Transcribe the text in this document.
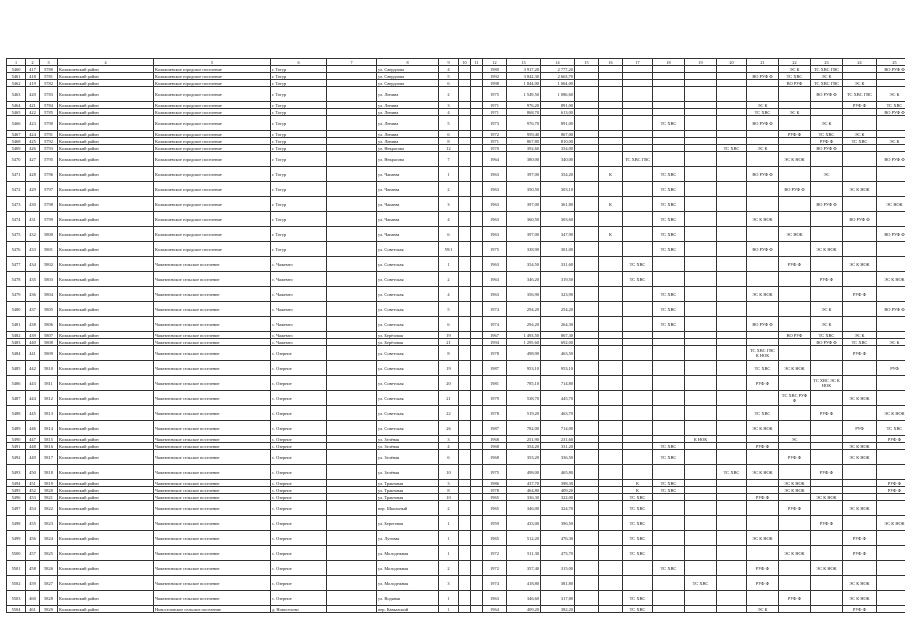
1	2	3	4	5	6	7	8	9	10	11	12	13	14	15	16	17	18	19	20	21	22	23	24	25
5460	417	5780	Колпашевский район	Колпашевское городское поселение	г. Тогур		ул. Свердлова	4			1980	3 917,20	2 777,20								ЭС К	ТС ХВС ГВС		ВО РУФ Ф
5461	418	5781	Колпашевский район	Колпашевское городское поселение	г. Тогур		ул. Свердлова	5			1992	3 842,30	2 663,70							ВО РУФ Ф	ТС ХВС	ЭС К		
5462	419	5782	Колпашевский район	Колпашевское городское поселение	г. Тогур		ул. Свердлова	6			1998	1 844,00	1 064,00								ВО РУФ	ТС ХВС ГВС	ЭС К	
5463	420	5783	Колпашевский район	Колпашевское городское поселение	г. Тогур		ул. Ленина	2			1975	1 549,50	1 086,60									ВО РУФ Ф	ТС ХВС ГВС	ЭС К
5464	421	5784	Колпашевский район	Колпашевское городское поселение	г. Тогур		ул. Ленина	3			1971	976,20	891,00							ЭС К			РУФ Ф	ТС ХВС
5465	422	5785	Колпашевский район	Колпашевское городское поселение	г. Тогур		ул. Ленина	4			1971	868,70	613,00							ТС ХВС	ЭС К			ВО РУФ Ф
5466	423	5790	Колпашевский район	Колпашевское городское поселение	г. Тогур		ул. Ленина	5			1973	976,70	891,00				ТС ХВС			ВО РУФ Ф		ЭС К		
5467	424	5791	Колпашевский район	Колпашевское городское поселение	г. Тогур		ул. Ленина	6			1972	959,40	867,00								РУФ Ф	ТС ХВС	ЭС К	
5468	425	5792	Колпашевский район	Колпашевское городское поселение	г. Тогур		ул. Ленина	8			1971	867,80	810,00									РУФ Ф	ТС ХВС	ЭС К
5469	426	5793	Колпашевский район	Колпашевское городское поселение	г. Тогур		ул. Некрасова	12			1970	392,60	354,00						ТС ХВС	ЭС К		ВО РУФ Ф		
5470	427	5795	Колпашевский район	Колпашевское городское поселение	г. Тогур		ул. Некрасова	7			1964	380,00	340,00			ТС ХВС ГВС					ЭС К НОК			ВО РУФ Ф
5471	428	5796	Колпашевский район	Колпашевское городское поселение	г. Тогур		ул. Чапаева	1			1963	397,00	354,20		К		ТС ХВС			ВО РУФ Ф		ЭС		
5472	429	5797	Колпашевский район	Колпашевское городское поселение	г. Тогур		ул. Чапаева	2			1963	350,50	303,10				ТС ХВС				ВО РУФ Ф		ЭС К НОК	
5473	430	5798	Колпашевский район	Колпашевское городское поселение	г. Тогур		ул. Чапаева	3			1963	397,00	361,80		К		ТС ХВС					ВО РУФ Ф		ЭС НОК
5474	431	5799	Колпашевский район	Колпашевское городское поселение	г. Тогур		ул. Чапаева	4			1963	360,50	303,60				ТС ХВС			ЭС К НОК			ВО РУФ Ф	
5475	432	5800	Колпашевский район	Колпашевское городское поселение	г. Тогур		ул. Чапаева	6			1963	397,00	347,90		К		ТС ХВС				ЭС НОК			ВО РУФ Ф
5476	433	5801	Колпашевский район	Колпашевское городское поселение	г. Тогур		ул. Советская	59/1			1975	338,90	301,00				ТС ХВС			ВО РУФ Ф		ЭС К НОК		
5477	434	5802	Колпашевский район	Чажемтовское сельское поселение	с. Чажемто		ул. Советская	1			1963	354,50	331,60			ТС ХВС					РУФ Ф		ЭС К НОК	
5478	435	5803	Колпашевский район	Чажемтовское сельское поселение	с. Чажемто		ул. Советская	2			1963	346,20	319,50			ТС ХВС						РУФ Ф		ЭС К НОК
5479	436	5804	Колпашевский район	Чажемтовское сельское поселение	с. Чажемто		ул. Советская	4			1963	356,90	323,90				ТС ХВС			ЭС К НОК			РУФ Ф	
5480	437	5805	Колпашевский район	Чажемтовское сельское поселение	с. Чажемто		ул. Советская	5			1974	294,20	254,20				ТС ХВС					ЭС К		ВО РУФ Ф
5481	438	5806	Колпашевский район	Чажемтовское сельское поселение	с. Чажемто		ул. Советская	6			1974	294,20	264,30				ТС ХВС			ВО РУФ Ф		ЭС К		
5482	439	5807	Колпашевский район	Чажемтовское сельское поселение	с. Чажемто		ул. Берёзовая	19			1967	1 493,50	867,30								ВО РУФ	ТС ХВС	ЭС К	
5483	440	5808	Колпашевский район	Чажемтовское сельское поселение	с. Чажемто		ул. Берёзовая	21			1994	1 295,60	692,00									ВО РУФ Ф	ТС ХВС	ЭС К
5484	441	5809	Колпашевский район	Чажемтовское сельское поселение	с. Озерное		ул. Советская	8			1978	498,90	463,50							ТС ХВС ГВС К НОК			РУФ Ф	
5485	442	5810	Колпашевский район	Чажемтовское сельское поселение	с. Озерное		ул. Советская	19			1987	953,10	953,10							ТС ХВС	ЭС К НОК			РУФ
5486	443	5811	Колпашевский район	Чажемтовское сельское поселение	с. Озерное		ул. Советская	20			1981	785,10	714,80							РУФ Ф		ТС ХВС ЭС К НОК		
5487	444	5812	Колпашевский район	Чажемтовское сельское поселение	с. Озерное		ул. Советская	21			1979	538,70	445,70								ТС ХВС РУФ Ф		ЭС К НОК	
5488	445	5813	Колпашевский район	Чажемтовское сельское поселение	с. Озерное		ул. Советская	22			1978	519,20	463,70							ТС ХВС		РУФ Ф		ЭС К НОК
5489	446	5814	Колпашевский район	Чажемтовское сельское поселение	с. Озерное		ул. Советская	26			1987	782,00	714,00							ЭС К НОК			РУФ	ТС ХВС
5490	447	5815	Колпашевский район	Чажемтовское сельское поселение	с. Озерное		ул. Зелёная	3			1968	251,90	231,60					К НОК			ЭС			РУФ Ф
5491	448	5816	Колпашевский район	Чажемтовское сельское поселение	с. Озерное		ул. Зелёная	4			1968	354,20	331,20				ТС ХВС			РУФ Ф			ЭС К НОК	
5492	449	5817	Колпашевский район	Чажемтовское сельское поселение	с. Озерное		ул. Зелёная	6			1968	353,20	336,50				ТС ХВС				РУФ Ф		ЭС К НОК	
5493	450	5818	Колпашевский район	Чажемтовское сельское поселение	с. Озерное		ул. Зелёная	10			1975	498,00	465,80						ТС ХВС	ЭС К НОК		РУФ Ф		
5494	451	5819	Колпашевский район	Чажемтовское сельское поселение	с. Озерное		ул. Трактовая	3			1986	437,70	398,30			К	ТС ХВС				ЭС К НОК			РУФ Ф
5495	452	5820	Колпашевский район	Чажемтовское сельское поселение	с. Озерное		ул. Трактовая	8			1978	464,80	409,20			К	ТС ХВС				ЭС К НОК			РУФ Ф
5496	453	5821	Колпашевский район	Чажемтовское сельское поселение	с. Озерное		ул. Трактовая	10			1965	336,30	322,00			ТС ХВС				РУФ Ф		ЭС К НОК		
5497	454	5822	Колпашевский район	Чажемтовское сельское поселение	с. Озерное		пер. Школьный	2			1965	346,00	324,70			ТС ХВС					РУФ Ф		ЭС К НОК	
5498	455	5823	Колпашевский район	Чажемтовское сельское поселение	с. Озерное		ул. Береговая	1			1959	433,00	396,50			ТС ХВС						РУФ Ф		ЭС К НОК
5499	456	5824	Колпашевский район	Чажемтовское сельское поселение	с. Озерное		ул. Луговая	1			1965	512,20	476,30			ТС ХВС				ЭС К НОК			РУФ Ф	
5500	457	5825	Колпашевский район	Чажемтовское сельское поселение	с. Озерное		ул. Молодежная	1			1972	511,30	475,70			ТС ХВС					ЭС К НОК		РУФ Ф	
5501	458	5826	Колпашевский район	Чажемтовское сельское поселение	с. Озерное		ул. Молодежная	2			1972	357,40	315,00				ТС ХВС			РУФ Ф		ЭС К НОК		
5502	459	5827	Колпашевский район	Чажемтовское сельское поселение	с. Озерное		ул. Молодежная	3			1974	418,80	381,80					ТС ХВС		РУФ Ф			ЭС К НОК	
5503	460	5828	Колпашевский район	Чажемтовское сельское поселение	с. Озерное		ул. Водяная	1			1963	346,60	317,80			ТС ХВС					РУФ Ф		ЭС К НОК	
5504	461	5829	Колпашевский район	Новоселовское сельское поселение	д. Новоселово		пер. Кавказский	1			1964	409,20	382,20			ТС ХВС				ЭС К			РУФ Ф	
